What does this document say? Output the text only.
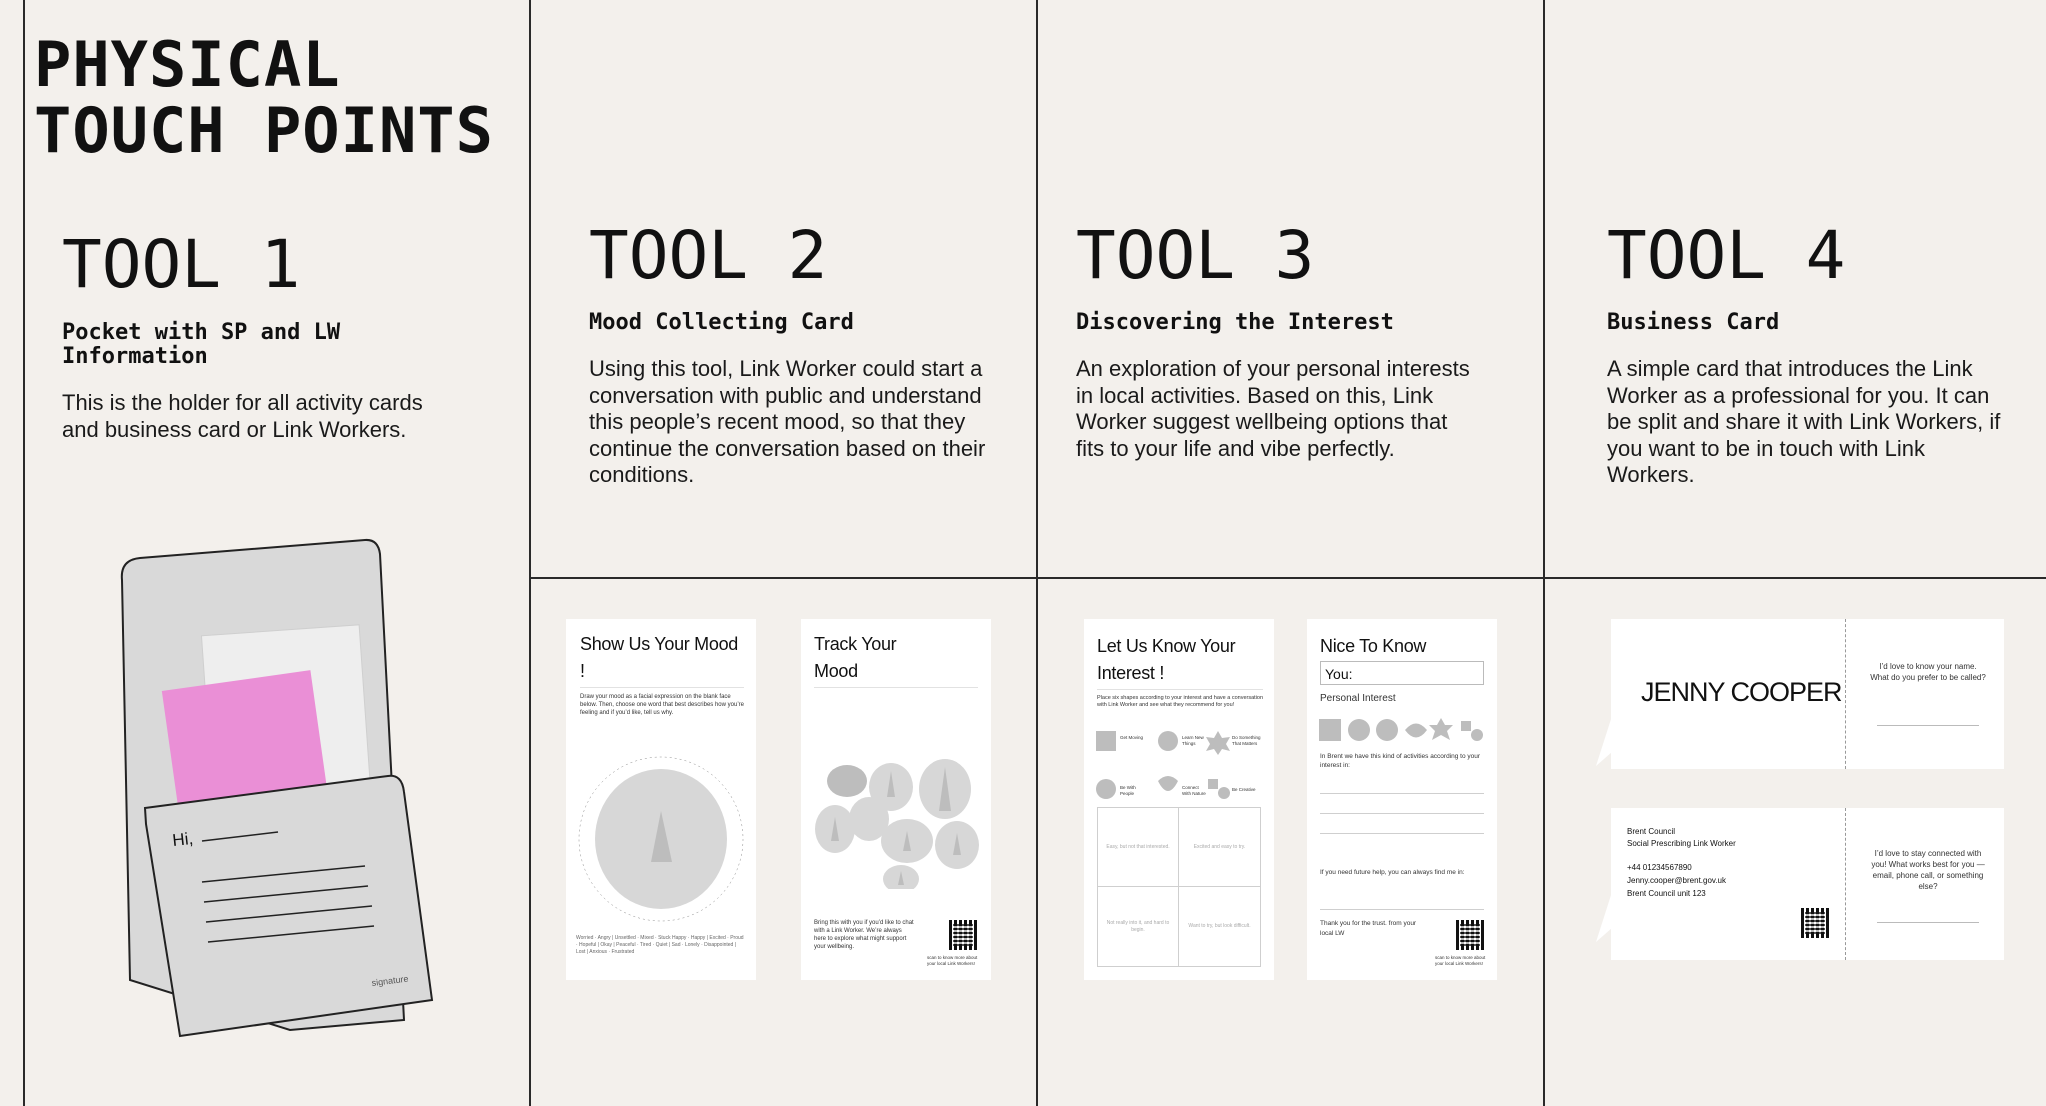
PHYSICAL
TOUCH POINTS
TOOL 1
Pocket with SP and LW Information
This is the holder for all activity cards and business card or Link Workers.
TOOL 2
Mood Collecting Card
Using this tool, Link Worker could start a conversation with public and understand this people’s recent mood, so that they continue the conversation based on their conditions.
TOOL 3
Discovering the Interest
An exploration of your personal interests in local activities. Based on this, Link Worker suggest wellbeing options that fits to your life and vibe perfectly.
TOOL 4
Business Card
A simple card that introduces the Link Worker as a professional for you. It can be split and share it with Link Workers, if you want to be in touch with Link Workers.
Hi,
signature
Show Us Your Mood !
Draw your mood as a facial expression on the blank face below. Then, choose one word that best describes how you’re feeling and if you’d like, tell us why.
Worried · Angry | Unsettled · Mixed · Stuck Happy · Happy | Excited · Proud · Hopeful | Okay | Peaceful · Tired · Quiet | Sad · Lonely · Disappointed | Lost | Anxious · Frustrated
Track Your Mood
Bring this with you if you’d like to chat with a Link Worker. We’re always here to explore what might support your wellbeing.
scan to know more about your local Link Workers!
Let Us Know Your Interest !
Place six shapes according to your interest and have a conversation with Link Worker and see what they recommend for you!
Get Moving	Learn New Things
Do Something That Matters
Be With People
Connect With Nature
Be Creative
Easy, but not that interested.	Excited and easy to try.
Not really into it, and hard to begin.
Want to try, but look difficult.
Nice To Know
You:
Personal Interest
In Brent we have this kind of activities according to your interest in:
If you need future help, you can always find me in:
Thank you for the trust. from your local LW
scan to know more about your local Link Workers!
JENNY COOPER
I’d love to know your name. What do you prefer to be called?
Brent Council
Social Prescribing Link Worker
+44 01234567890
Jenny.cooper@brent.gov.uk
Brent Council unit 123
I’d love to stay connected with you! What works best for you — email, phone call, or something else?
